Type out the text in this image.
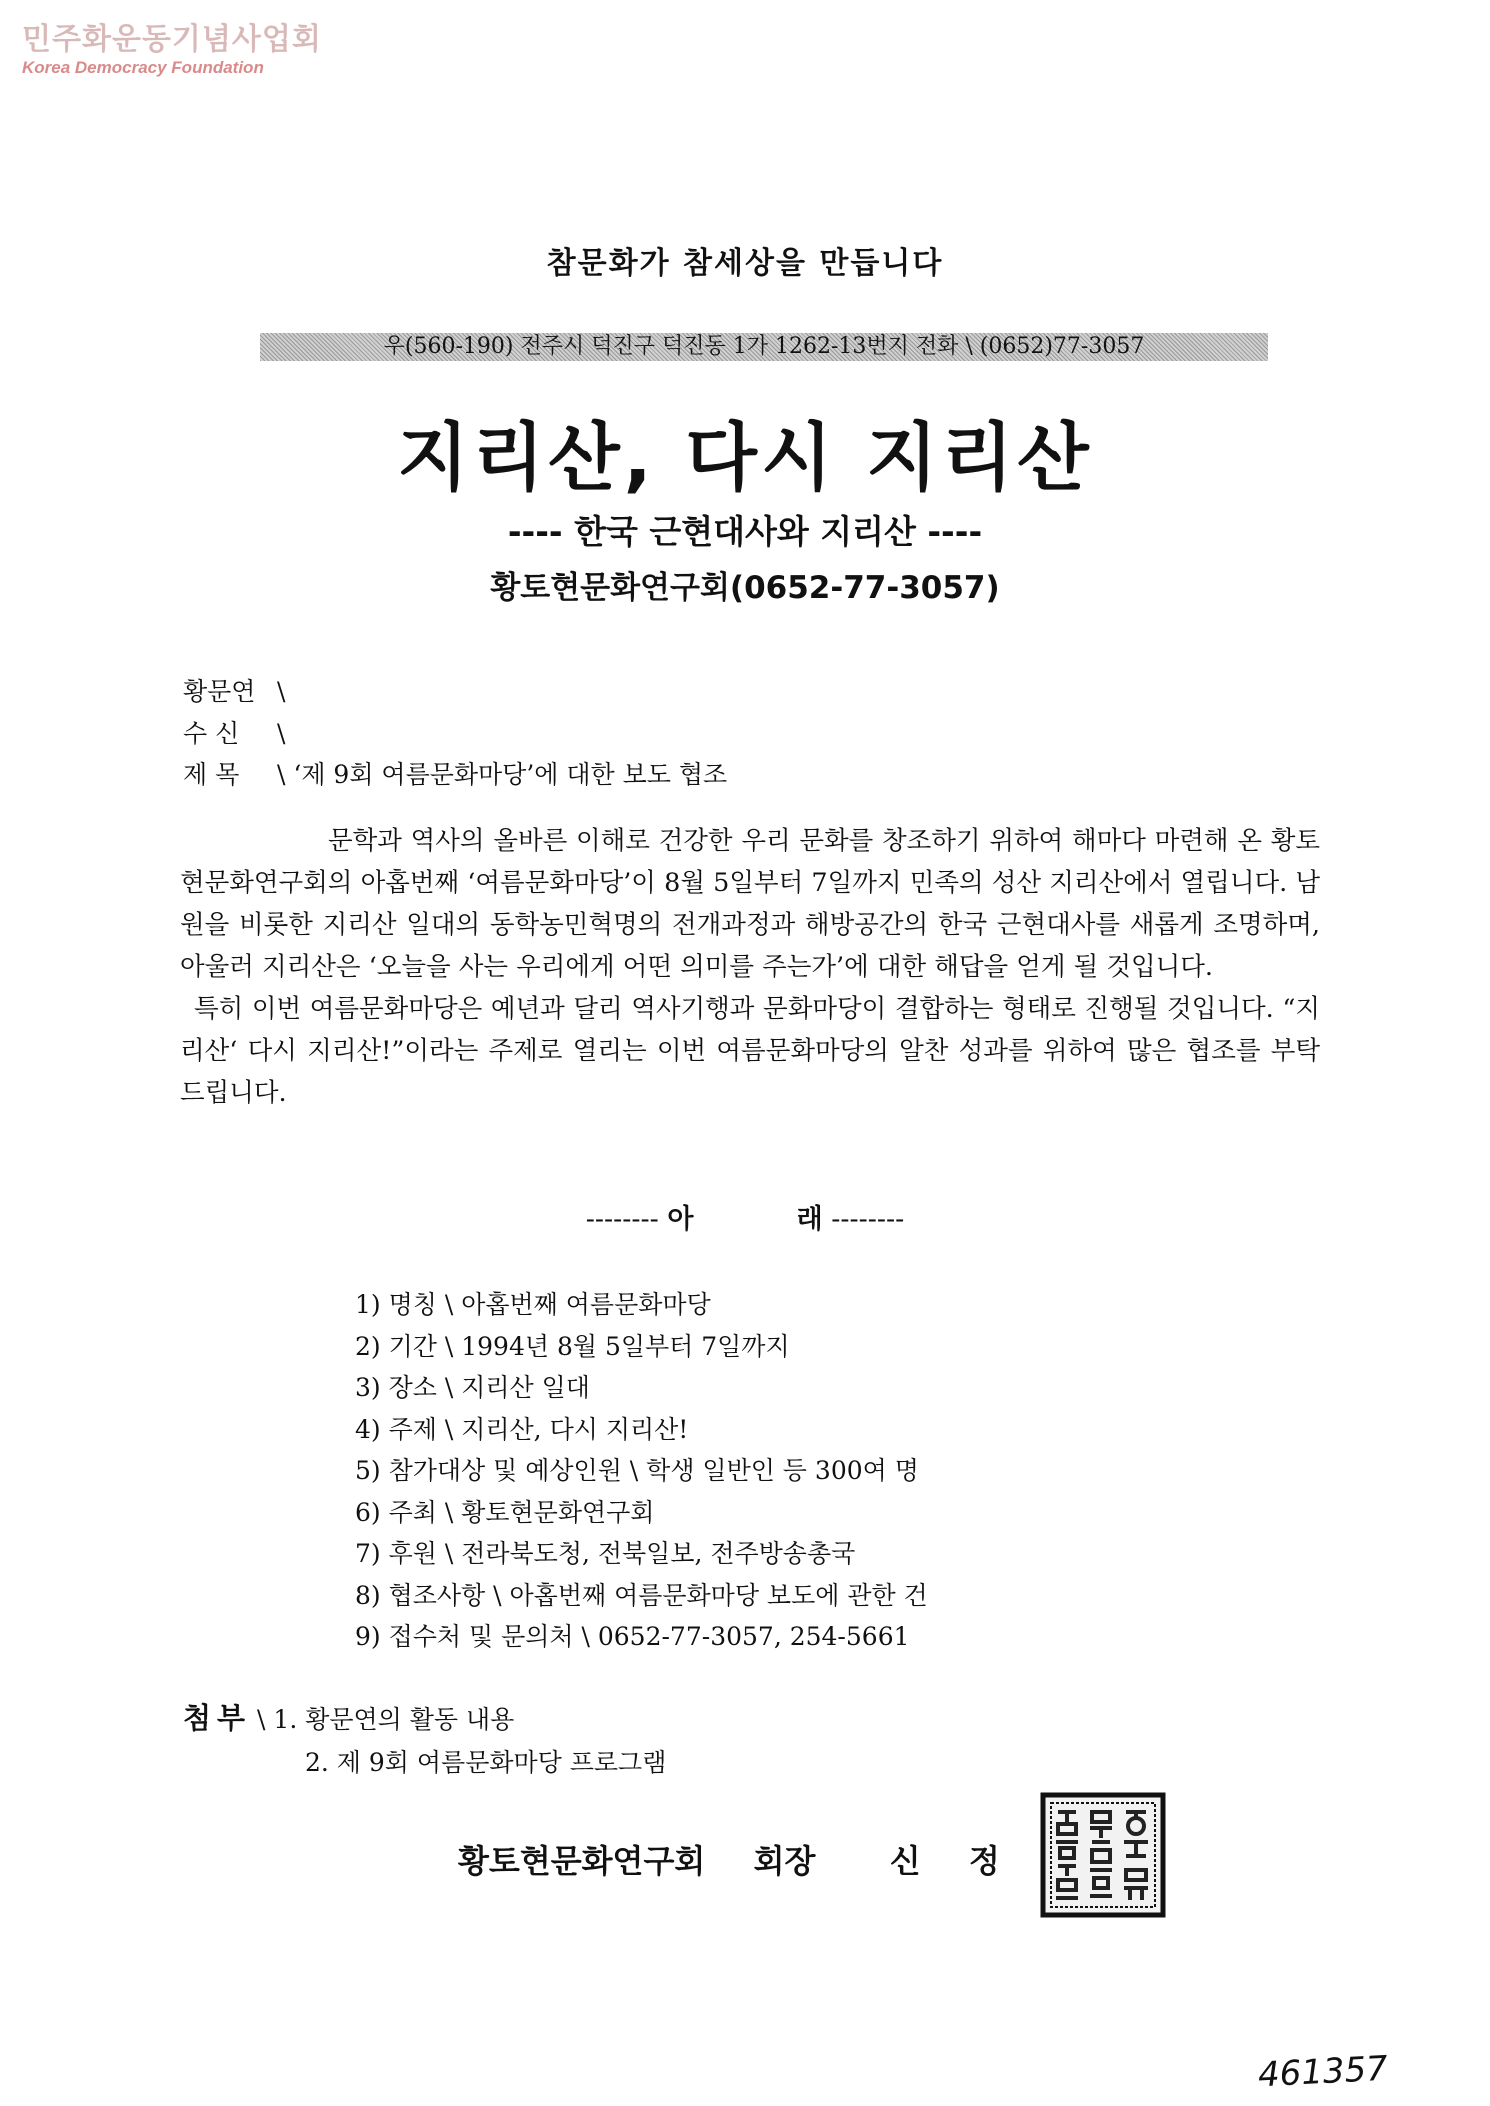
민주화운동기념사업회
Korea Democracy Foundation
참문화가 참세상을 만듭니다
우(560-190) 전주시 덕진구 덕진동 1가 1262-13번지 전화 \ (0652)77-3057
지리산, 다시 지리산
---- 한국 근현대사와 지리산 ----
황토현문화연구회(0652-77-3057)
황문연 \
수 신 \
제 목 \ ‘제 9회 여름문화마당’에 대한 보도 협조

문학과 역사의 올바른 이해로 건강한 우리 문화를 창조하기 위하여 해마다 마련해 온 황토현문화연구회의 아홉번째 ‘여름문화마당’이 8월 5일부터 7일까지 민족의 성산 지리산에서 열립니다. 남원을 비롯한 지리산 일대의 동학농민혁명의 전개과정과 해방공간의 한국 근현대사를 새롭게 조명하며, 아울러 지리산은 ‘오늘을 사는 우리에게 어떤 의미를 주는가’에 대한 해답을 얻게 될 것입니다.

특히 이번 여름문화마당은 예년과 달리 역사기행과 문화마당이 결합하는 형태로 진행될 것입니다. “지리산‘ 다시 지리산!”이라는 주제로 열리는 이번 여름문화마당의 알찬 성과를 위하여 많은 협조를 부탁 드립니다.

-------- 아	래 --------
1) 명칭 \ 아홉번째 여름문화마당
2) 기간 \ 1994년 8월 5일부터 7일까지
3) 장소 \ 지리산 일대
4) 주제 \ 지리산, 다시 지리산!
5) 참가대상 및 예상인원 \ 학생 일반인 등 300여 명
6) 주최 \ 황토현문화연구회
7) 후원 \ 전라북도청, 전북일보, 전주방송총국
8) 협조사항 \ 아홉번째 여름문화마당 보도에 관한 건
9) 접수처 및 문의처 \ 0652-77-3057, 254-5661
첨부 \ 1. 황문연의 활동 내용
2. 제 9회 여름문화마당 프로그램
황토현문화연구회 회장 신 정
461357
